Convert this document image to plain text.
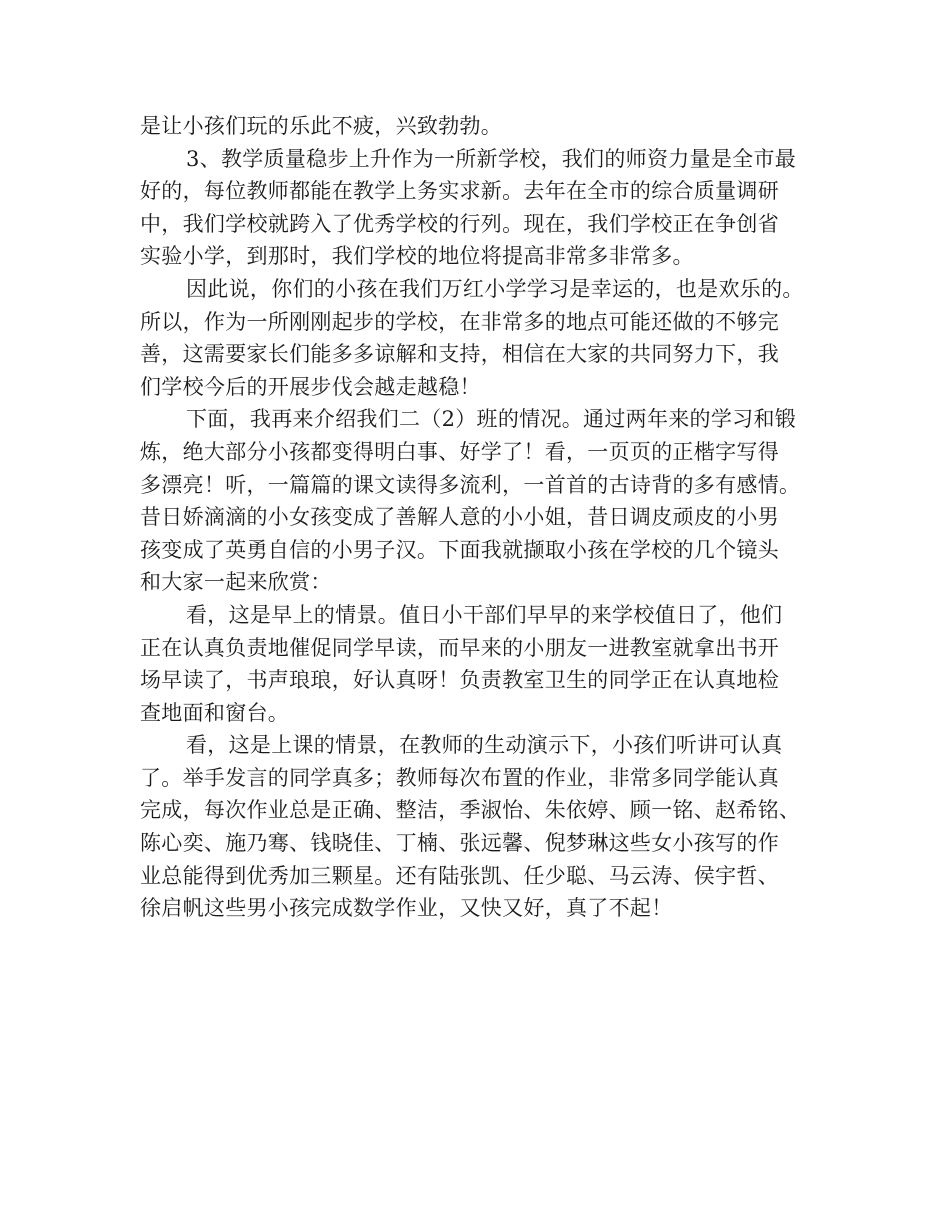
是让小孩们玩的乐此不疲，兴致勃勃。

3、教学质量稳步上升作为一所新学校，我们的师资力量是全市最

好的，每位教师都能在教学上务实求新。去年在全市的综合质量调研

中，我们学校就跨入了优秀学校的行列。现在，我们学校正在争创省

实验小学，到那时，我们学校的地位将提高非常多非常多。

因此说，你们的小孩在我们万红小学学习是幸运的，也是欢乐的。

所以，作为一所刚刚起步的学校，在非常多的地点可能还做的不够完

善，这需要家长们能多多谅解和支持，相信在大家的共同努力下，我

们学校今后的开展步伐会越走越稳！

下面，我再来介绍我们二（2）班的情况。通过两年来的学习和锻

炼，绝大部分小孩都变得明白事、好学了！看，一页页的正楷字写得

多漂亮！听，一篇篇的课文读得多流利，一首首的古诗背的多有感情。

昔日娇滴滴的小女孩变成了善解人意的小小姐，昔日调皮顽皮的小男

孩变成了英勇自信的小男子汉。下面我就撷取小孩在学校的几个镜头

和大家一起来欣赏：

看，这是早上的情景。值日小干部们早早的来学校值日了，他们

正在认真负责地催促同学早读，而早来的小朋友一进教室就拿出书开

场早读了，书声琅琅，好认真呀！负责教室卫生的同学正在认真地检

查地面和窗台。

看，这是上课的情景，在教师的生动演示下，小孩们听讲可认真

了。举手发言的同学真多；教师每次布置的作业，非常多同学能认真

完成，每次作业总是正确、整洁，季淑怡、朱依婷、顾一铭、赵希铭、

陈心奕、施乃骞、钱晓佳、丁楠、张远馨、倪梦琳这些女小孩写的作

业总能得到优秀加三颗星。还有陆张凯、任少聪、马云涛、侯宇哲、

徐启帆这些男小孩完成数学作业，又快又好，真了不起！
